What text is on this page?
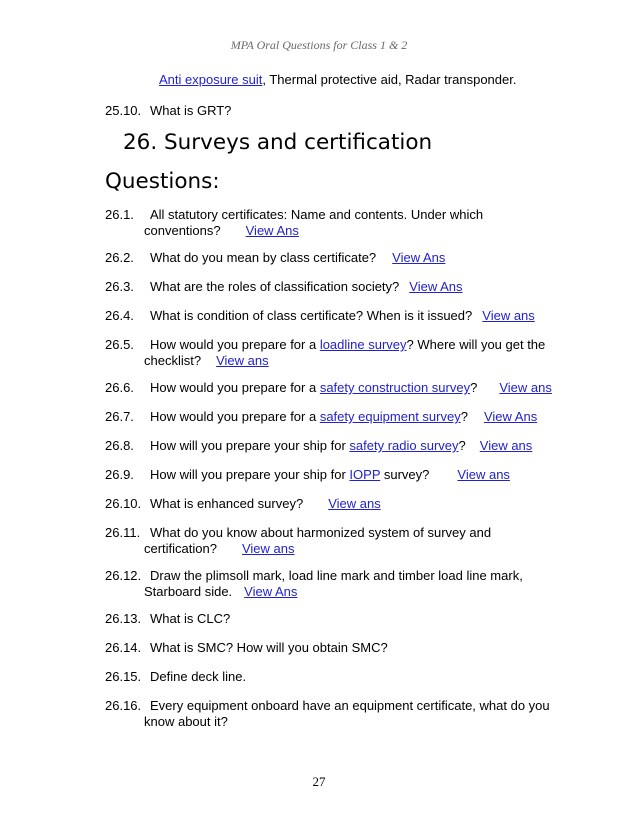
MPA Oral Questions for Class 1 & 2
Anti exposure suit, Thermal protective aid, Radar transponder.
25.10. What is GRT?
26. Surveys and certification
Questions:
26.1. All statutory certificates: Name and contents. Under which
conventions? View Ans
26.2. What do you mean by class certificate? View Ans
26.3. What are the roles of classification society? View Ans
26.4. What is condition of class certificate? When is it issued? View ans
26.5. How would you prepare for a loadline survey? Where will you get the
checklist? View ans
26.6. How would you prepare for a safety construction survey? View ans
26.7. How would you prepare for a safety equipment survey? View Ans
26.8. How will you prepare your ship for safety radio survey? View ans
26.9. How will you prepare your ship for IOPP survey? View ans
26.10. What is enhanced survey? View ans
26.11. What do you know about harmonized system of survey and
certification? View ans
26.12. Draw the plimsoll mark, load line mark and timber load line mark,
Starboard side. View Ans
26.13. What is CLC?
26.14. What is SMC? How will you obtain SMC?
26.15. Define deck line.
26.16. Every equipment onboard have an equipment certificate, what do you
know about it?
27
